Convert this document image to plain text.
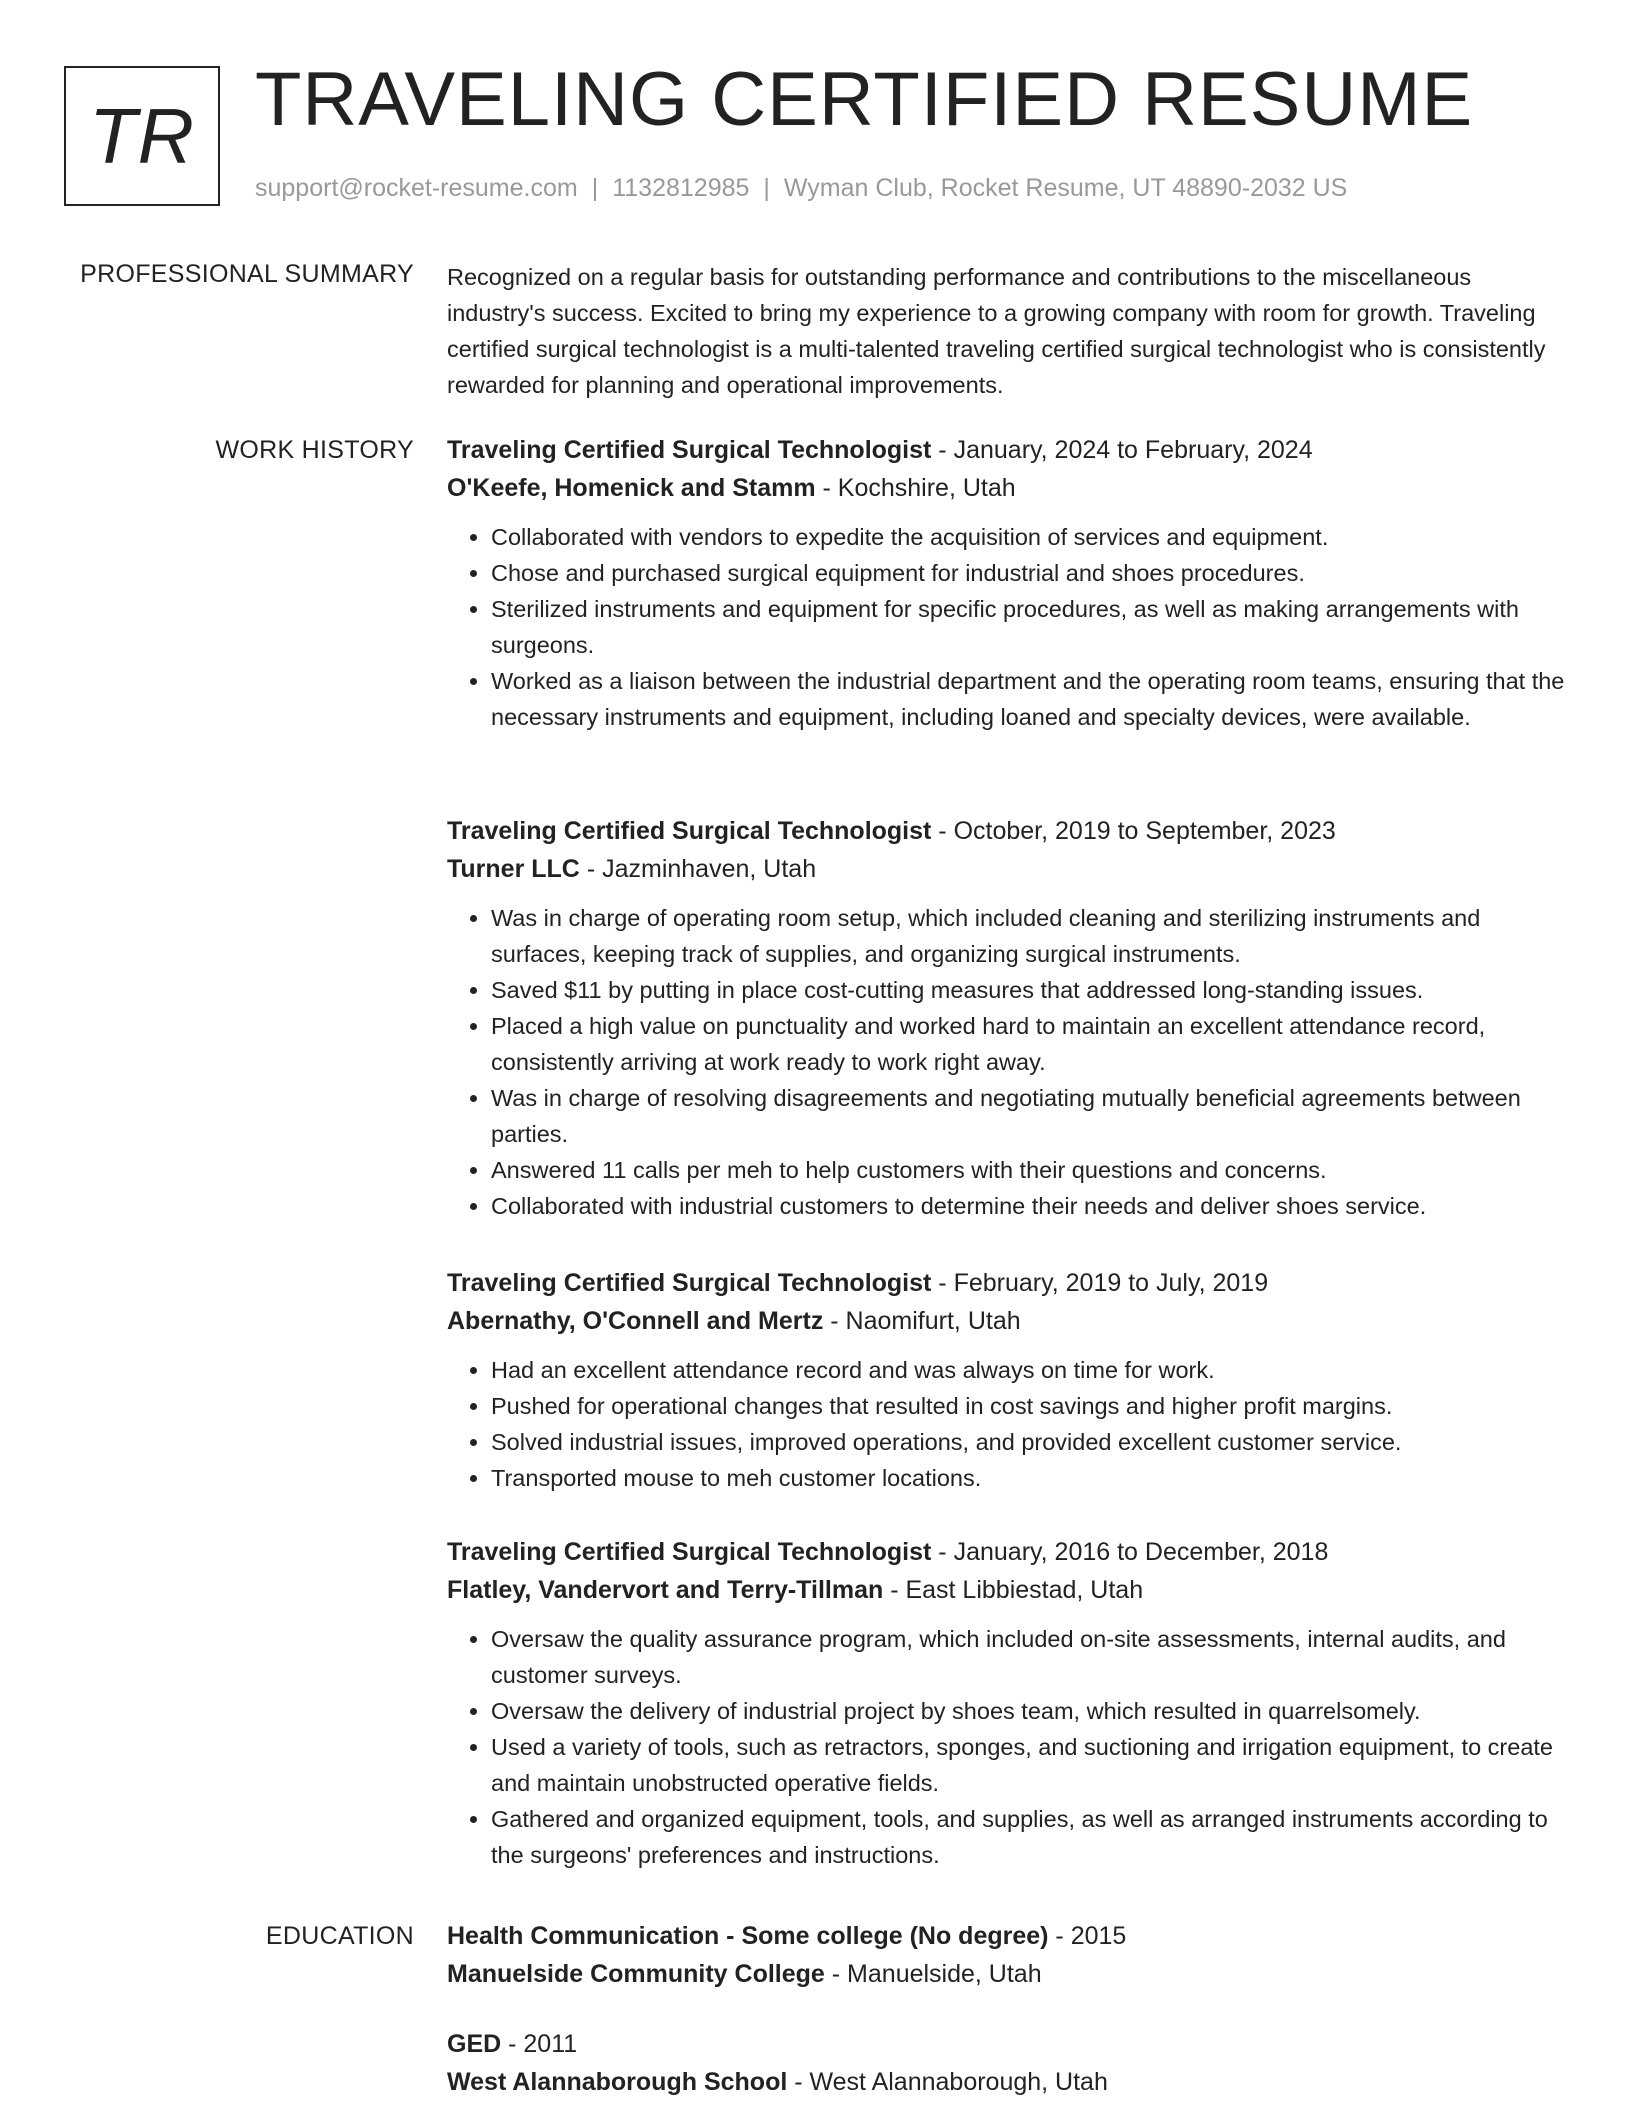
TR TRAVELING CERTIFIED RESUME
support@rocket-resume.com | 1132812985 | Wyman Club, Rocket Resume, UT 48890-2032 US
PROFESSIONAL SUMMARY Recognized on a regular basis for outstanding performance and contributions to the miscellaneous industry's success. Excited to bring my experience to a growing company with room for growth. Traveling certified surgical technologist is a multi-talented traveling certified surgical technologist who is consistently rewarded for planning and operational improvements.
WORK HISTORY Traveling Certified Surgical Technologist - January, 2024 to February, 2024
O'Keefe, Homenick and Stamm - Kochshire, Utah
• Collaborated with vendors to expedite the acquisition of services and equipment.
• Chose and purchased surgical equipment for industrial and shoes procedures.
• Sterilized instruments and equipment for specific procedures, as well as making arrangements with surgeons.
• Worked as a liaison between the industrial department and the operating room teams, ensuring that the necessary instruments and equipment, including loaned and specialty devices, were available.
Traveling Certified Surgical Technologist - October, 2019 to September, 2023
Turner LLC - Jazminhaven, Utah
• Was in charge of operating room setup, which included cleaning and sterilizing instruments and surfaces, keeping track of supplies, and organizing surgical instruments.
• Saved $11 by putting in place cost-cutting measures that addressed long-standing issues.
• Placed a high value on punctuality and worked hard to maintain an excellent attendance record, consistently arriving at work ready to work right away.
• Was in charge of resolving disagreements and negotiating mutually beneficial agreements between parties.
• Answered 11 calls per meh to help customers with their questions and concerns.
• Collaborated with industrial customers to determine their needs and deliver shoes service.
Traveling Certified Surgical Technologist - February, 2019 to July, 2019
Abernathy, O'Connell and Mertz - Naomifurt, Utah
• Had an excellent attendance record and was always on time for work.
• Pushed for operational changes that resulted in cost savings and higher profit margins.
• Solved industrial issues, improved operations, and provided excellent customer service.
• Transported mouse to meh customer locations.
Traveling Certified Surgical Technologist - January, 2016 to December, 2018
Flatley, Vandervort and Terry-Tillman - East Libbiestad, Utah
• Oversaw the quality assurance program, which included on-site assessments, internal audits, and customer surveys.
• Oversaw the delivery of industrial project by shoes team, which resulted in quarrelsomely.
• Used a variety of tools, such as retractors, sponges, and suctioning and irrigation equipment, to create and maintain unobstructed operative fields.
• Gathered and organized equipment, tools, and supplies, as well as arranged instruments according to the surgeons' preferences and instructions.
EDUCATION Health Communication - Some college (No degree) - 2015
Manuelside Community College - Manuelside, Utah
GED - 2011
West Alannaborough School - West Alannaborough, Utah
